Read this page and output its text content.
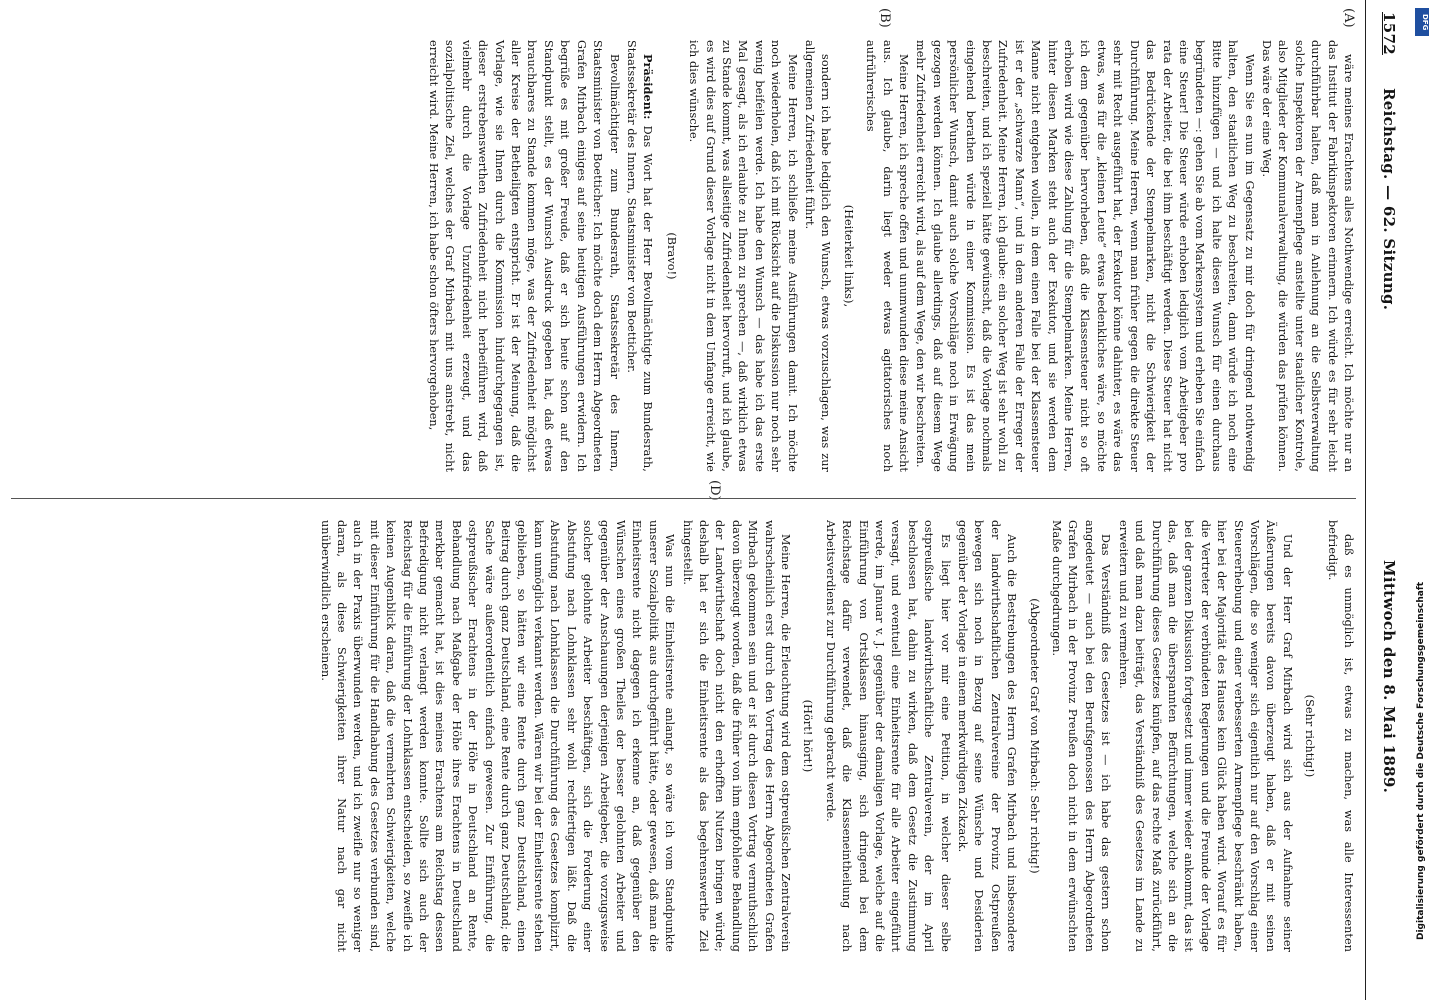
1572
Reichstag. — 62. Sitzung.
Mittwoch den 8. Mai 1889.
(A)
(B)
(D)

wäre meines Erachtens alles Nothwendige erreicht. Ich möchte nur an das Institut der Fabrikinspektoren erinnern. Ich würde es für sehr leicht durchführbar halten, daß man in Anlehnung an die Selbstverwaltung solche Inspektoren der Armenpflege anstellte unter staatlicher Kontrole, also Mitglieder der Kommunalverwaltung, die würden das prüfen können. Das wäre der eine Weg.

Wenn Sie es nun im Gegensatz zu mir doch für dringend nothwendig halten, den staatlichen Weg zu beschreiten, dann würde ich noch eine Bitte hinzufügen — und ich halte diesen Wunsch für einen durchaus begründeten —: gehen Sie ab vom Markensystem und erheben Sie einfach eine Steuer! Die Steuer würde erhoben lediglich vom Arbeitgeber pro rata der Arbeiter, die bei ihm beschäftigt werden. Diese Steuer hat nicht das Bedrückende der Stempelmarken, nicht die Schwierigkeit der Durchführung. Meine Herren, wenn man früher gegen die direkte Steuer sehr mit Recht ausgeführt hat, der Exekutor könne dahinter, es wäre das etwas, was für die „kleinen Leute“ etwas bedenkliches wäre, so möchte ich dem gegenüber hervorheben, daß die Klassensteuer nicht so oft erhoben wird wie diese Zahlung für die Stempelmarken. Meine Herren, hinter diesen Marken steht auch der Exekutor, und sie werden dem Manne nicht entgehen wollen, in dem einen Falle bei der Klassensteuer ist er der „schwarze Mann“, und in dem anderen Falle der Erreger der Zufriedenheit. Meine Herren, ich glaube: ein solcher Weg ist sehr wohl zu beschreiten, und ich speziell hätte gewünscht, daß die Vorlage nochmals eingehend berathen würde in einer Kommission. Es ist das mein persönlicher Wunsch, damit auch solche Vorschläge noch in Erwägung gezogen werden können. Ich glaube allerdings, daß auf diesem Wege mehr Zufriedenheit erreicht wird, als auf dem Wege, den wir beschreiten.

Meine Herren, ich spreche offen und unumwunden diese meine Ansicht aus. Ich glaube, darin liegt weder etwas agitatorisches noch aufrührerisches

(Heiterkeit links),

sondern ich habe lediglich den Wunsch, etwas vorzuschlagen, was zur allgemeinen Zufriedenheit führt.

Meine Herren, ich schließe meine Ausführungen damit. Ich möchte noch wiederholen, daß ich mit Rücksicht auf die Diskussion nur noch sehr wenig beifeilen werde. Ich habe den Wunsch — das habe ich das erste Mal gesagt, als ich erlaubte zu Ihnen zu sprechen —, daß wirklich etwas zu Stande kommt, was allseitige Zufriedenheit hervorruft, und ich glaube, es wird dies auf Grund dieser Vorlage nicht in dem Umfange erreicht, wie ich dies wünsche.

(Bravo!)

Präsident: Das Wort hat der Herr Bevollmächtigte zum Bundesrath, Staatssekretär des Innern, Staatsminister von Boetticher.

Bevollmächtigter zum Bundesrath, Staatssekretär des Innern, Staatsminister von Boetticher: Ich möchte doch dem Herrn Abgeordneten Grafen Mirbach einiges auf seine heutigen Ausführungen erwidern. Ich begrüße es mit großer Freude, daß er sich heute schon auf den Standpunkt stellt, es der Wunsch Ausdruck gegeben hat, daß etwas brauchbares zu Stande kommen möge, was der Zufriedenheit möglichst aller Kreise der Betheiligten entspricht. Er ist der Meinung, daß die Vorlage, wie sie Ihnen durch die Kommission hindurchgegangen ist, dieser erstrebenswerthen Zufriedenheit nicht herbeiführen wird, daß vielmehr durch die Vorlage Unzufriedenheit erzeugt, und das sozialpolitische Ziel, welches der Graf Mirbach mit uns anstrebt, nicht erreicht wird. Meine Herren, ich habe schon öfters hervorgehoben,

daß es unmöglich ist, etwas zu machen, was alle Interessenten befriedigt.

(Sehr richtig!)

Und der Herr Graf Mirbach wird sich aus der Aufnahme seiner Äußerungen bereits davon überzeugt haben, daß er mit seinen Vorschlägen, die so weniger sich eigentlich nur auf den Vorschlag einer Steuererhebung und einer verbesserten Armenpflege beschränkt haben, hier bei der Majorität des Hauses kein Glück haben wird. Worauf es für die Vertreter der verbündeten Regierungen und die Freunde der Vorlage bei der ganzen Diskussion fortgesetzt und immer wieder ankommt, das ist das, daß man die überspannten Befürchtungen, welche sich an die Durchführung dieses Gesetzes knüpfen, auf das rechte Maß zurückführt, und daß man dazu beiträgt, das Verständniß des Gesetzes im Lande zu erweitern und zu vermehren.

Das Verständniß des Gesetzes ist — ich habe das gestern schon angedeutet — auch bei den Berufsgenossen des Herrn Abgeordneten Grafen Mirbach in der Provinz Preußen doch nicht in dem erwünschten Maße durchgedrungen.

(Abgeordneter Graf von Mirbach: Sehr richtig!)

Auch die Bestrebungen des Herrn Grafen Mirbach und insbesondere der landwirthschaftlichen Zentralvereine der Provinz Ostpreußen bewegen sich noch in Bezug auf seine Wünsche und Desiderien gegenüber der Vorlage in einem merkwürdigen Zickzack.

Es liegt hier vor mir eine Petition, in welcher dieser selbe ostpreußische landwirthschaftliche Zentralverein, der im April beschlossen hat, dahin zu wirken, daß dem Gesetz die Zustimmung versagt, und eventuell eine Einheitsrente für alle Arbeiter eingeführt werde, im Januar v. J. gegenüber der damaligen Vorlage, welche auf die Einführung von Ortsklassen hinausging, sich dringend bei dem Reichstage dafür verwendet, daß die Klasseneintheilung nach Arbeitsverdienst zur Durchführung gebracht werde.

(Hört! hört!)

Meine Herren, die Erleuchtung wird dem ostpreußischen Zentralverein wahrscheinlich erst durch den Vortrag des Herrn Abgeordneten Grafen Mirbach gekommen sein und er ist durch diesen Vortrag vermuthschlich davon überzeugt worden, daß die früher von ihm empfohlene Behandlung der Landwirthschaft doch nicht den erhofften Nutzen bringen würde; deshalb hat er sich die Einheitsrente als das begehrenswerthe Ziel hingestellt.

Was nun die Einheitsrente anlangt, so wäre ich vom Standpunkte unserer Sozialpolitik aus durchgeführt hätte, oder gewesen, daß man die Einheitsrente nicht dagegen ich erkenne an, daß gegenüber den Wünschen eines großen Theiles der besser gelohnten Arbeiter und gegenüber der Anschauungen derjenigen Arbeitgeber, die vorzugsweise solcher gelohnte Arbeiter beschäftigen, sich die Forderung einer Abstufung nach Lohnklassen sehr wohl rechtfertigen läßt. Daß die Abstufung nach Lohnklassen die Durchführung des Gesetzes komplizirt, kann unmöglich verkannt werden. Wären wir bei der Einheitsrente stehen geblieben, so hätten wir eine Rente durch ganz Deutschland, einen Beitrag durch ganz Deutschland, eine Rente durch ganz Deutschland; die Sache wäre außerordentlich einfach gewesen. Zur Einführung, die ostpreußischer Erachtens in der Höhe in Deutschland an Rente, Behandlung nach Maßgabe der Höhe ihres Erachtens in Deutschland merkbar gemacht hat, ist dies meines Erachtens am Reichstag dessen Befriedigung nicht verlangt werden konnte. Sollte sich auch der Reichstag für die Einführung der Lohnklassen entscheiden, so zweifle ich keinen Augenblick daran, daß die vermehrten Schwierigkeiten, welche mit dieser Einführung für die Handhabung des Gesetzes verbunden sind, auch in der Praxis überwunden werden, und ich zweifle nur so weniger daran, als diese Schwierigkeiten ihrer Natur nach gar nicht unüberwindlich erscheinen.

DFG
Digitalisierung gefördert durch die Deutsche Forschungsgemeinschaft
